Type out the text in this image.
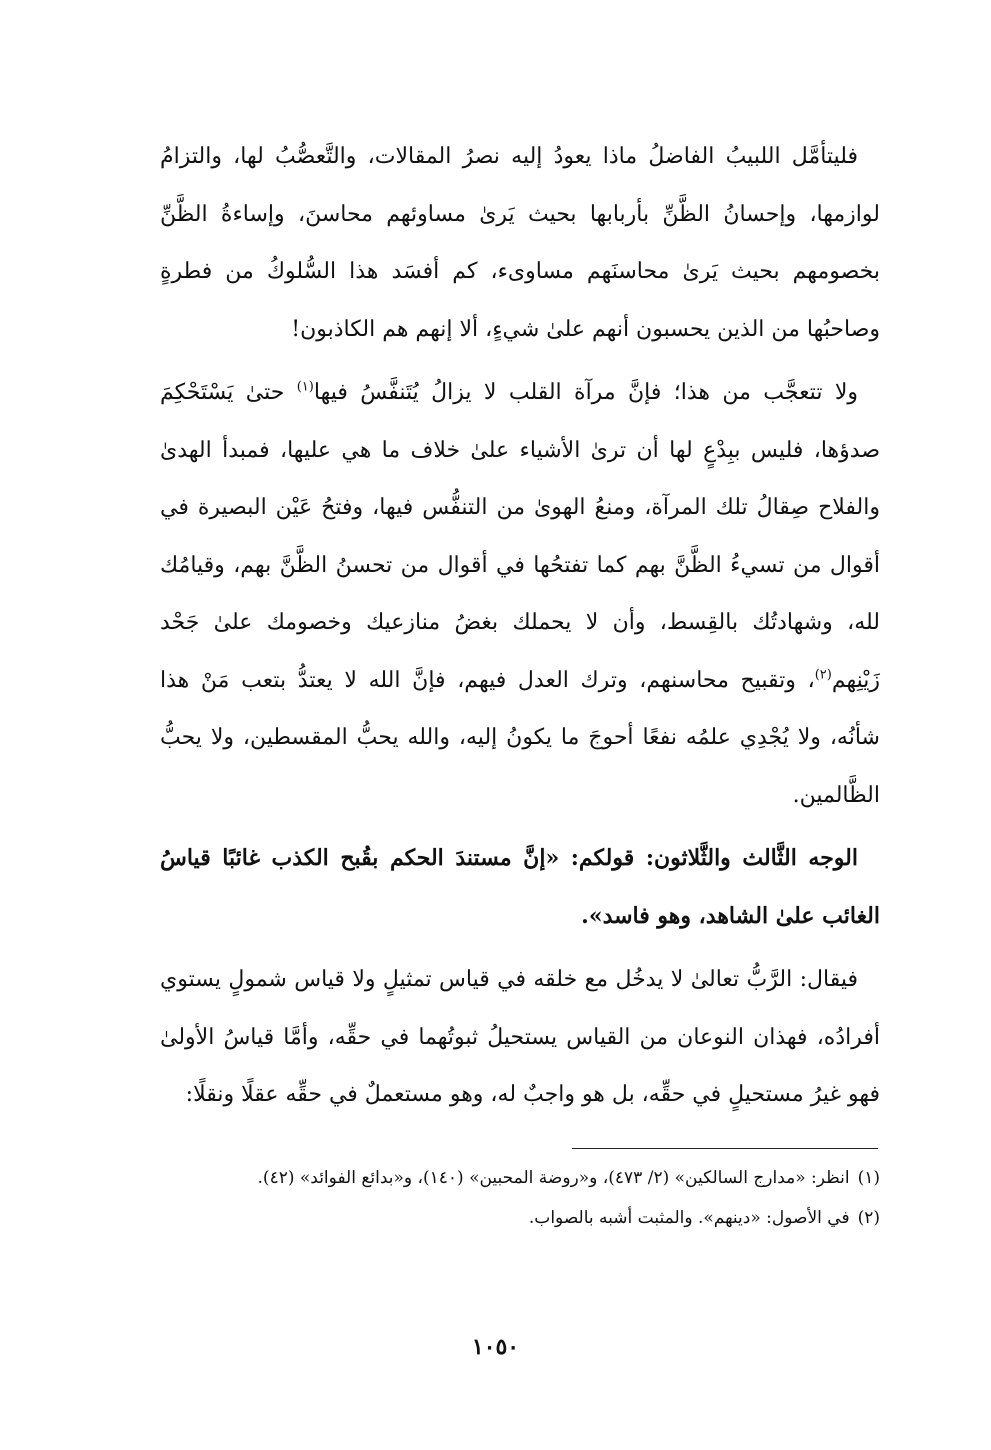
فليتأمَّل اللبيبُ الفاضلُ ماذا يعودُ إليه نصرُ المقالات، والتَّعصُّبُ لها، والتزامُ لوازمها، وإحسانُ الظَّنِّ بأربابها بحيث يَرىٰ مساوئهم محاسنَ، وإساءةُ الظَّنِّ بخصومهم بحيث يَرىٰ محاسنَهم مساوىء، كم أفسَد هذا السُّلوكُ من فطرةٍ وصاحبُها من الذين يحسبون أنهم علىٰ شيءٍ، ألا إنهم هم الكاذبون!

ولا تتعجَّب من هذا؛ فإنَّ مرآة القلب لا يزالُ يُتَنفَّسُ فيها$^{(١)}$ حتىٰ يَسْتَحْكِمَ صدؤها، فليس ببِدْعٍ لها أن ترىٰ الأشياء علىٰ خلاف ما هي عليها، فمبدأ الهدىٰ والفلاح صِقالُ تلك المرآة، ومنعُ الهوىٰ من التنفُّس فيها، وفتحُ عَيْن البصيرة في أقوال من تسيءُ الظَّنَّ بهم كما تفتحُها في أقوال من تحسنُ الظَّنَّ بهم، وقيامُك لله، وشهادتُك بالقِسط، وأن لا يحملك بغضُ منازعيك وخصومك علىٰ جَحْد زَيْنِهم$^{(٢)}$، وتقبيح محاسنهم، وترك العدل فيهم، فإنَّ الله لا يعتدُّ بتعب مَنْ هذا شأنُه، ولا يُجْدِي علمُه نفعًا أحوجَ ما يكونُ إليه، والله يحبُّ المقسطين، ولا يحبُّ الظَّالمين.

الوجه الثَّالث والثَّلاثون: قولكم: «إنَّ مستندَ الحكم بقُبح الكذب غائبًا قياسُ الغائب علىٰ الشاهد، وهو فاسد».

فيقال: الرَّبُّ تعالىٰ لا يدخُل مع خلقه في قياس تمثيلٍ ولا قياس شمولٍ يستوي أفرادُه، فهذان النوعان من القياس يستحيلُ ثبوتُهما في حقِّه، وأمَّا قياسُ الأولىٰ فهو غيرُ مستحيلٍ في حقِّه، بل هو واجبٌ له، وهو مستعملٌ في حقِّه عقلًا ونقلًا:

(١)انظر: «مدارج السالكين» (٢/ ٤٧٣)، و«روضة المحبين» (١٤٠)، و«بدائع الفوائد» (٤٢).

(٢)في الأصول: «دينهم». والمثبت أشبه بالصواب.

١٠٥٠
